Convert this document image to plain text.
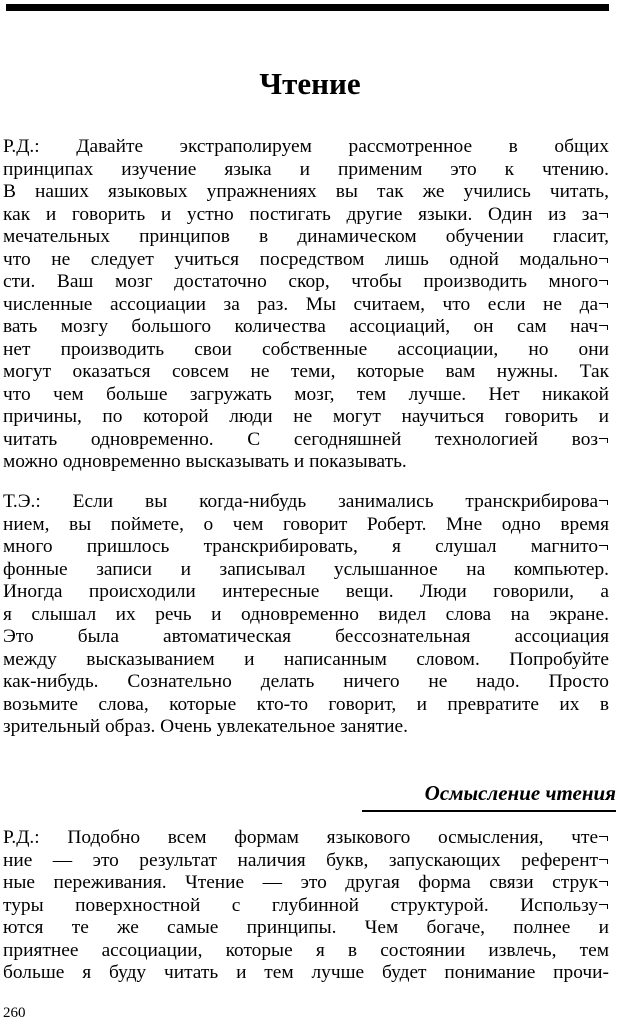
Чтение
Р.Д.: Давайте экстраполируем рассмотренное в общих
принципах изучение языка и применим это к чтению.
В наших языковых упражнениях вы так же учились читать,
как и говорить и устно постигать другие языки. Один из за¬
мечательных принципов в динамическом обучении гласит,
что не следует учиться посредством лишь одной модально¬
сти. Ваш мозг достаточно скор, чтобы производить много¬
численные ассоциации за раз. Мы считаем, что если не да¬
вать мозгу большого количества ассоциаций, он сам нач¬
нет производить свои собственные ассоциации, но они
могут оказаться совсем не теми, которые вам нужны. Так
что чем больше загружать мозг, тем лучше. Нет никакой
причины, по которой люди не могут научиться говорить и
читать одновременно. С сегодняшней технологией воз¬
можно одновременно высказывать и показывать.
Т.Э.: Если вы когда-нибудь занимались транскрибирова¬
нием, вы поймете, о чем говорит Роберт. Мне одно время
много пришлось транскрибировать, я слушал магнито¬
фонные записи и записывал услышанное на компьютер.
Иногда происходили интересные вещи. Люди говорили, а
я слышал их речь и одновременно видел слова на экране.
Это была автоматическая бессознательная ассоциация
между высказыванием и написанным словом. Попробуйте
как-нибудь. Сознательно делать ничего не надо. Просто
возьмите слова, которые кто-то говорит, и превратите их в
зрительный образ. Очень увлекательное занятие.
Осмысление чтения
Р.Д.: Подобно всем формам языкового осмысления, чте¬
ние — это результат наличия букв, запускающих референт¬
ные переживания. Чтение — это другая форма связи струк¬
туры поверхностной с глубинной структурой. Использу¬
ются те же самые принципы. Чем богаче, полнее и
приятнее ассоциации, которые я в состоянии извлечь, тем
больше я буду читать и тем лучше будет понимание прочи-
260
